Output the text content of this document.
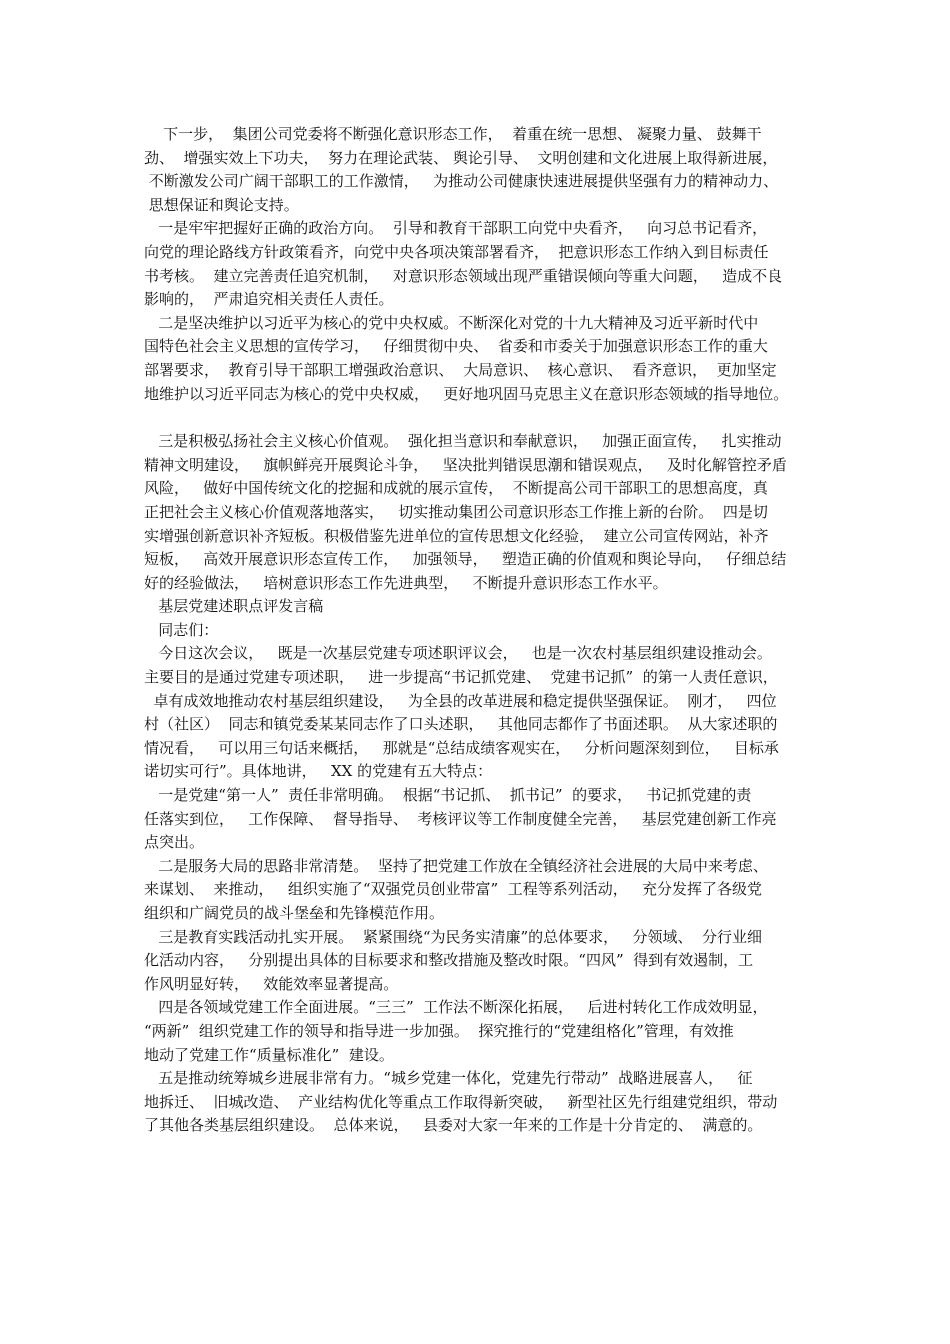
下一步，  集团公司党委将不断强化意识形态工作，  着重在统一思想、 凝聚力量、 鼓舞干
劲、  增强实效上下功夫，  努力在理论武装、 舆论引导、  文明创建和文化进展上取得新进展，
不断激发公司广阔干部职工的工作激情，   为推动公司健康快速进展提供坚强有力的精神动力、
思想保证和舆论支持。
一是牢牢把握好正确的政治方向。  引导和教育干部职工向党中央看齐，   向习总书记看齐，
向党的理论路线方针政策看齐，向党中央各项决策部署看齐，  把意识形态工作纳入到目标责任
书考核。  建立完善责任追究机制，   对意识形态领域出现严重错误倾向等重大问题，   造成不良
影响的，  严肃追究相关责任人责任。
二是坚决维护以习近平为核心的党中央权威。不断深化对党的十九大精神及习近平新时代中
国特色社会主义思想的宣传学习，   仔细贯彻中央、  省委和市委关于加强意识形态工作的重大
部署要求，  教育引导干部职工增强政治意识、  大局意识、  核心意识、  看齐意识，  更加坚定
地维护以习近平同志为核心的党中央权威，   更好地巩固马克思主义在意识形态领域的指导地位。
三是积极弘扬社会主义核心价值观。  强化担当意识和奉献意识，   加强正面宣传，   扎实推动
精神文明建设，   旗帜鲜亮开展舆论斗争，   坚决批判错误思潮和错误观点，   及时化解管控矛盾
风险，   做好中国传统文化的挖掘和成就的展示宣传，  不断提高公司干部职工的思想高度，真
正把社会主义核心价值观落地落实，   切实推动集团公司意识形态工作推上新的台阶。  四是切
实增强创新意识补齐短板。积极借鉴先进单位的宣传思想文化经验，  建立公司宣传网站，补齐
短板，   高效开展意识形态宣传工作，   加强领导，   塑造正确的价值观和舆论导向，   仔细总结
好的经验做法，   培树意识形态工作先进典型，   不断提升意识形态工作水平。
基层党建述职点评发言稿
同志们：
今日这次会议，   既是一次基层党建专项述职评议会，   也是一次农村基层组织建设推动会。
主要目的是通过党建专项述职，   进一步提高“书记抓党建、  党建书记抓”  的第一人责任意识，
卓有成效地推动农村基层组织建设，   为全县的改革进展和稳定提供坚强保证。  刚才，   四位
村（社区）  同志和镇党委某某同志作了口头述职，   其他同志都作了书面述职。  从大家述职的
情况看，   可以用三句话来概括，   那就是“总结成绩客观实在，   分析问题深刻到位，   目标承
诺切实可行”。具体地讲，   XX 的党建有五大特点：
一是党建“第一人”  责任非常明确。  根据“书记抓、  抓书记”  的要求，   书记抓党建的责
任落实到位，   工作保障、  督导指导、  考核评议等工作制度健全完善，   基层党建创新工作亮
点突出。
二是服务大局的思路非常清楚。  坚持了把党建工作放在全镇经济社会进展的大局中来考虑、
来谋划、  来推动，   组织实施了“双强党员创业带富”  工程等系列活动，   充分发挥了各级党
组织和广阔党员的战斗堡垒和先锋模范作用。
三是教育实践活动扎实开展。  紧紧围绕“为民务实清廉”的总体要求，   分领域、  分行业细
化活动内容，   分别提出具体的目标要求和整改措施及整改时限。“四风”  得到有效遏制，工
作风明显好转，   效能效率显著提高。
四是各领域党建工作全面进展。“三三”  工作法不断深化拓展，   后进村转化工作成效明显，
“两新”  组织党建工作的领导和指导进一步加强。  探究推行的“党建组格化”管理，有效推
地动了党建工作“质量标准化”  建设。
五是推动统筹城乡进展非常有力。“城乡党建一体化，党建先行带动”  战略进展喜人，   征
地拆迁、  旧城改造、  产业结构优化等重点工作取得新突破，   新型社区先行组建党组织，带动
了其他各类基层组织建设。  总体来说，   县委对大家一年来的工作是十分肯定的、  满意的。
